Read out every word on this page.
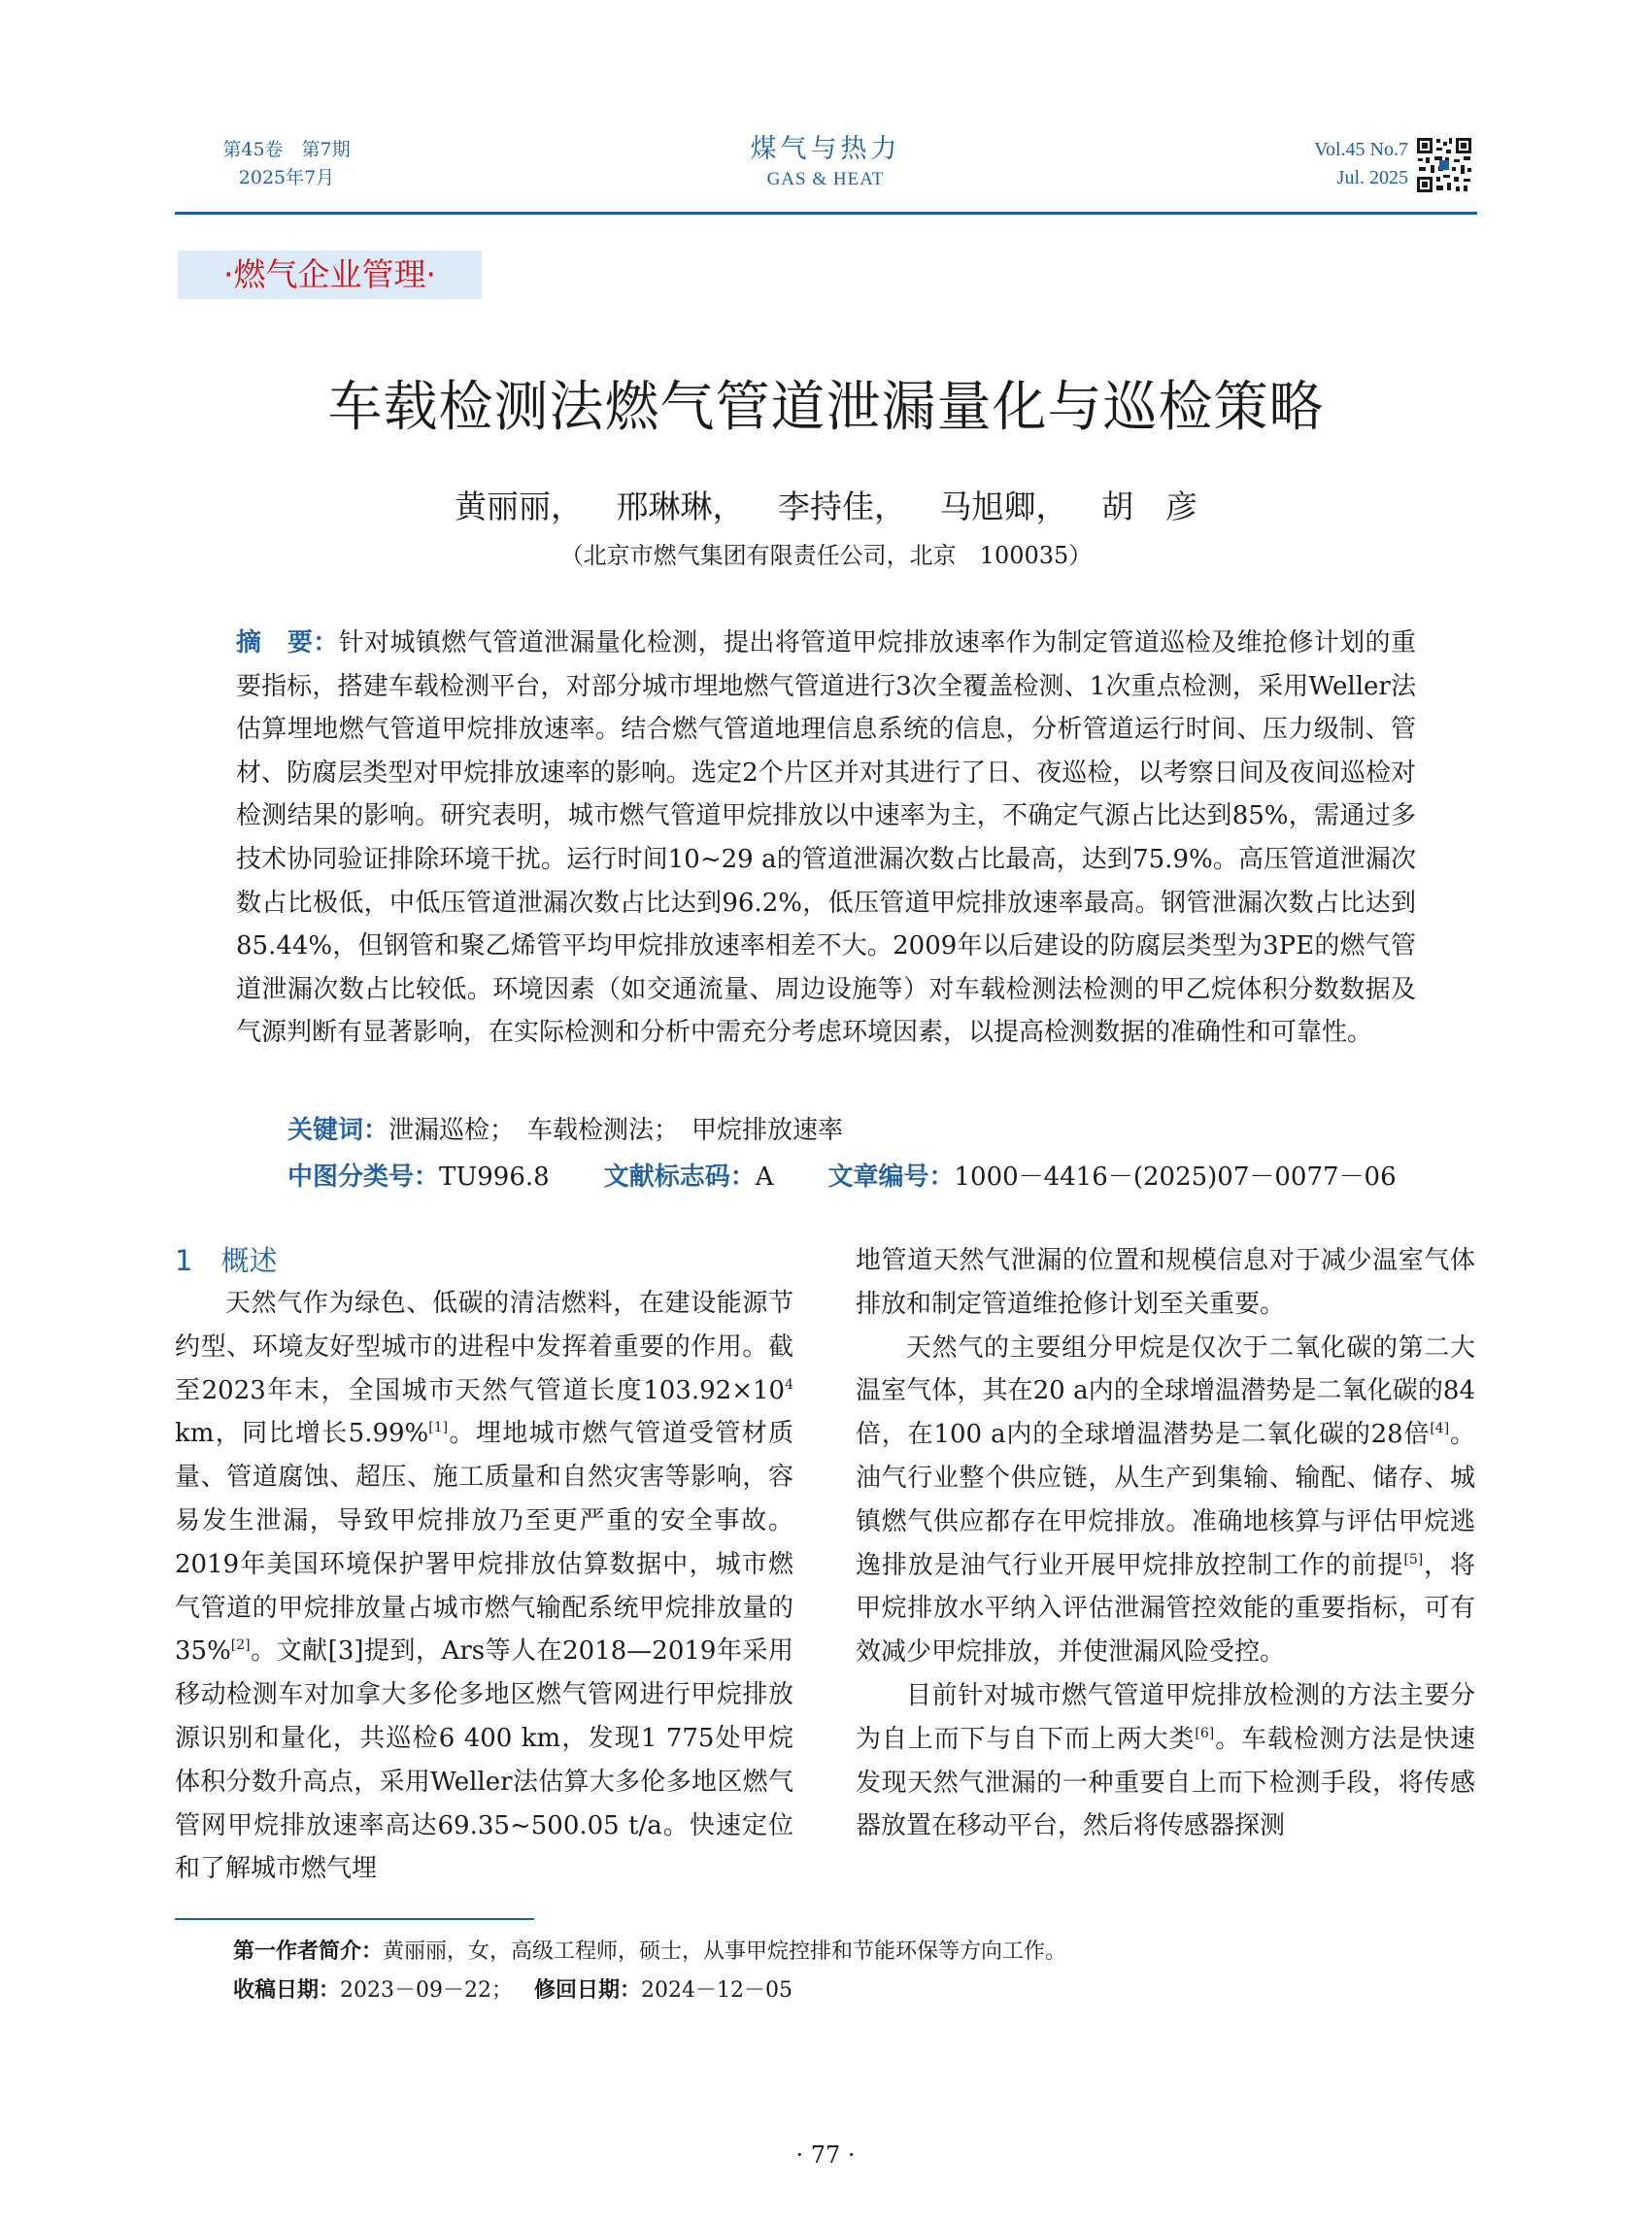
第45卷　第7期
2025年7月
煤气与热力
GAS & HEAT
Vol.45 No.7
Jul. 2025
·燃气企业管理·
车载检测法燃气管道泄漏量化与巡检策略
黄丽丽， 邢琳琳， 李持佳， 马旭卿， 胡　彦
（北京市燃气集团有限责任公司，北京　100035）
摘　要：针对城镇燃气管道泄漏量化检测，提出将管道甲烷排放速率作为制定管道巡检及维抢修计划的重要指标，搭建车载检测平台，对部分城市埋地燃气管道进行3次全覆盖检测、1次重点检测，采用Weller法估算埋地燃气管道甲烷排放速率。结合燃气管道地理信息系统的信息，分析管道运行时间、压力级制、管材、防腐层类型对甲烷排放速率的影响。选定2个片区并对其进行了日、夜巡检，以考察日间及夜间巡检对检测结果的影响。研究表明，城市燃气管道甲烷排放以中速率为主，不确定气源占比达到85%，需通过多技术协同验证排除环境干扰。运行时间10~29 a的管道泄漏次数占比最高，达到75.9%。高压管道泄漏次数占比极低，中低压管道泄漏次数占比达到96.2%，低压管道甲烷排放速率最高。钢管泄漏次数占比达到85.44%，但钢管和聚乙烯管平均甲烷排放速率相差不大。2009年以后建设的防腐层类型为3PE的燃气管道泄漏次数占比较低。环境因素（如交通流量、周边设施等）对车载检测法检测的甲乙烷体积分数数据及气源判断有显著影响，在实际检测和分析中需充分考虑环境因素，以提高检测数据的准确性和可靠性。
关键词：泄漏巡检；　车载检测法；　甲烷排放速率
中图分类号：TU996.8 文献标志码：A 文章编号：1000－4416－(2025)07－0077－06

1　概述

天然气作为绿色、低碳的清洁燃料，在建设能源节约型、环境友好型城市的进程中发挥着重要的作用。截至2023年末，全国城市天然气管道长度$103.92\times 10^4$ km，同比增长5.99%[1]。埋地城市燃气管道受管材质量、管道腐蚀、超压、施工质量和自然灾害等影响，容易发生泄漏，导致甲烷排放乃至更严重的安全事故。2019年美国环境保护署甲烷排放估算数据中，城市燃气管道的甲烷排放量占城市燃气输配系统甲烷排放量的35%[2]。文献[3]提到，Ars等人在2018—2019年采用移动检测车对加拿大多伦多地区燃气管网进行甲烷排放源识别和量化，共巡检6 400 km，发现1 775处甲烷体积分数升高点，采用Weller法估算大多伦多地区燃气管网甲烷排放速率高达69.35~500.05 t/a。快速定位和了解城市燃气埋

地管道天然气泄漏的位置和规模信息对于减少温室气体排放和制定管道维抢修计划至关重要。

天然气的主要组分甲烷是仅次于二氧化碳的第二大温室气体，其在20 a内的全球增温潜势是二氧化碳的84倍，在100 a内的全球增温潜势是二氧化碳的28倍[4]。油气行业整个供应链，从生产到集输、输配、储存、城镇燃气供应都存在甲烷排放。准确地核算与评估甲烷逃逸排放是油气行业开展甲烷排放控制工作的前提[5]，将甲烷排放水平纳入评估泄漏管控效能的重要指标，可有效减少甲烷排放，并使泄漏风险受控。

目前针对城市燃气管道甲烷排放检测的方法主要分为自上而下与自下而上两大类[6]。车载检测方法是快速发现天然气泄漏的一种重要自上而下检测手段，将传感器放置在移动平台，然后将传感器探测

第一作者简介：黄丽丽，女，高级工程师，硕士，从事甲烷控排和节能环保等方向工作。
收稿日期：2023－09－22； 修回日期：2024－12－05
· 77 ·
